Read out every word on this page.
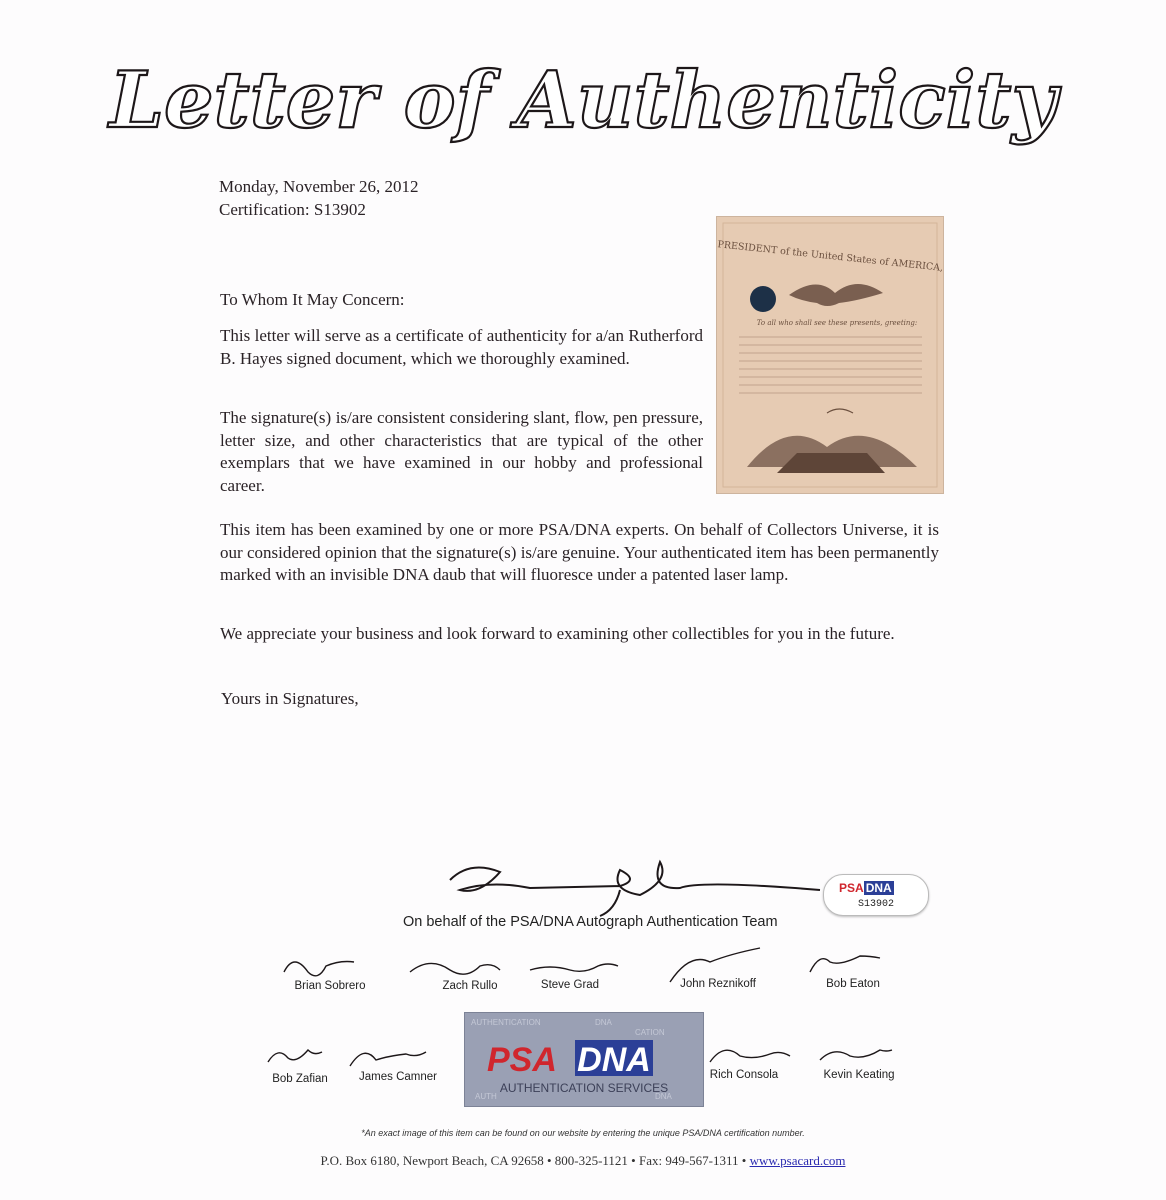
Letter of Authenticity
Monday, November 26, 2012
Certification: S13902
To Whom It May Concern:
This letter will serve as a certificate of authenticity for a/an Rutherford B. Hayes signed document, which we thoroughly examined.
The signature(s) is/are consistent considering slant, flow, pen pressure, letter size, and other characteristics that are typical of the other exemplars that we have examined in our hobby and professional career.
This item has been examined by one or more PSA/DNA experts. On behalf of Collectors Universe, it is our considered opinion that the signature(s) is/are genuine. Your authenticated item has been permanently marked with an invisible DNA daub that will fluoresce under a patented laser lamp.
We appreciate your business and look forward to examining other collectibles for you in the future.
Yours in Signatures,
PRESIDENT of the United States of AMERICA,
To all who shall see these presents, greeting:
PSA DNA
S13902
On behalf of the PSA/DNA Autograph Authentication Team
Brian Sobrero	Zach Rullo	Steve Grad	John Reznikoff	Bob Eaton
Bob Zafian	James Camner	Rich Consola	Kevin Keating
AUTHENTICATION	DNA
CATION
AUTH	DNA
PSA DNA
AUTHENTICATION SERVICES
*An exact image of this item can be found on our website by entering the unique PSA/DNA certification number.
P.O. Box 6180, Newport Beach, CA 92658 • 800-325-1121 • Fax: 949-567-1311 • www.psacard.com
